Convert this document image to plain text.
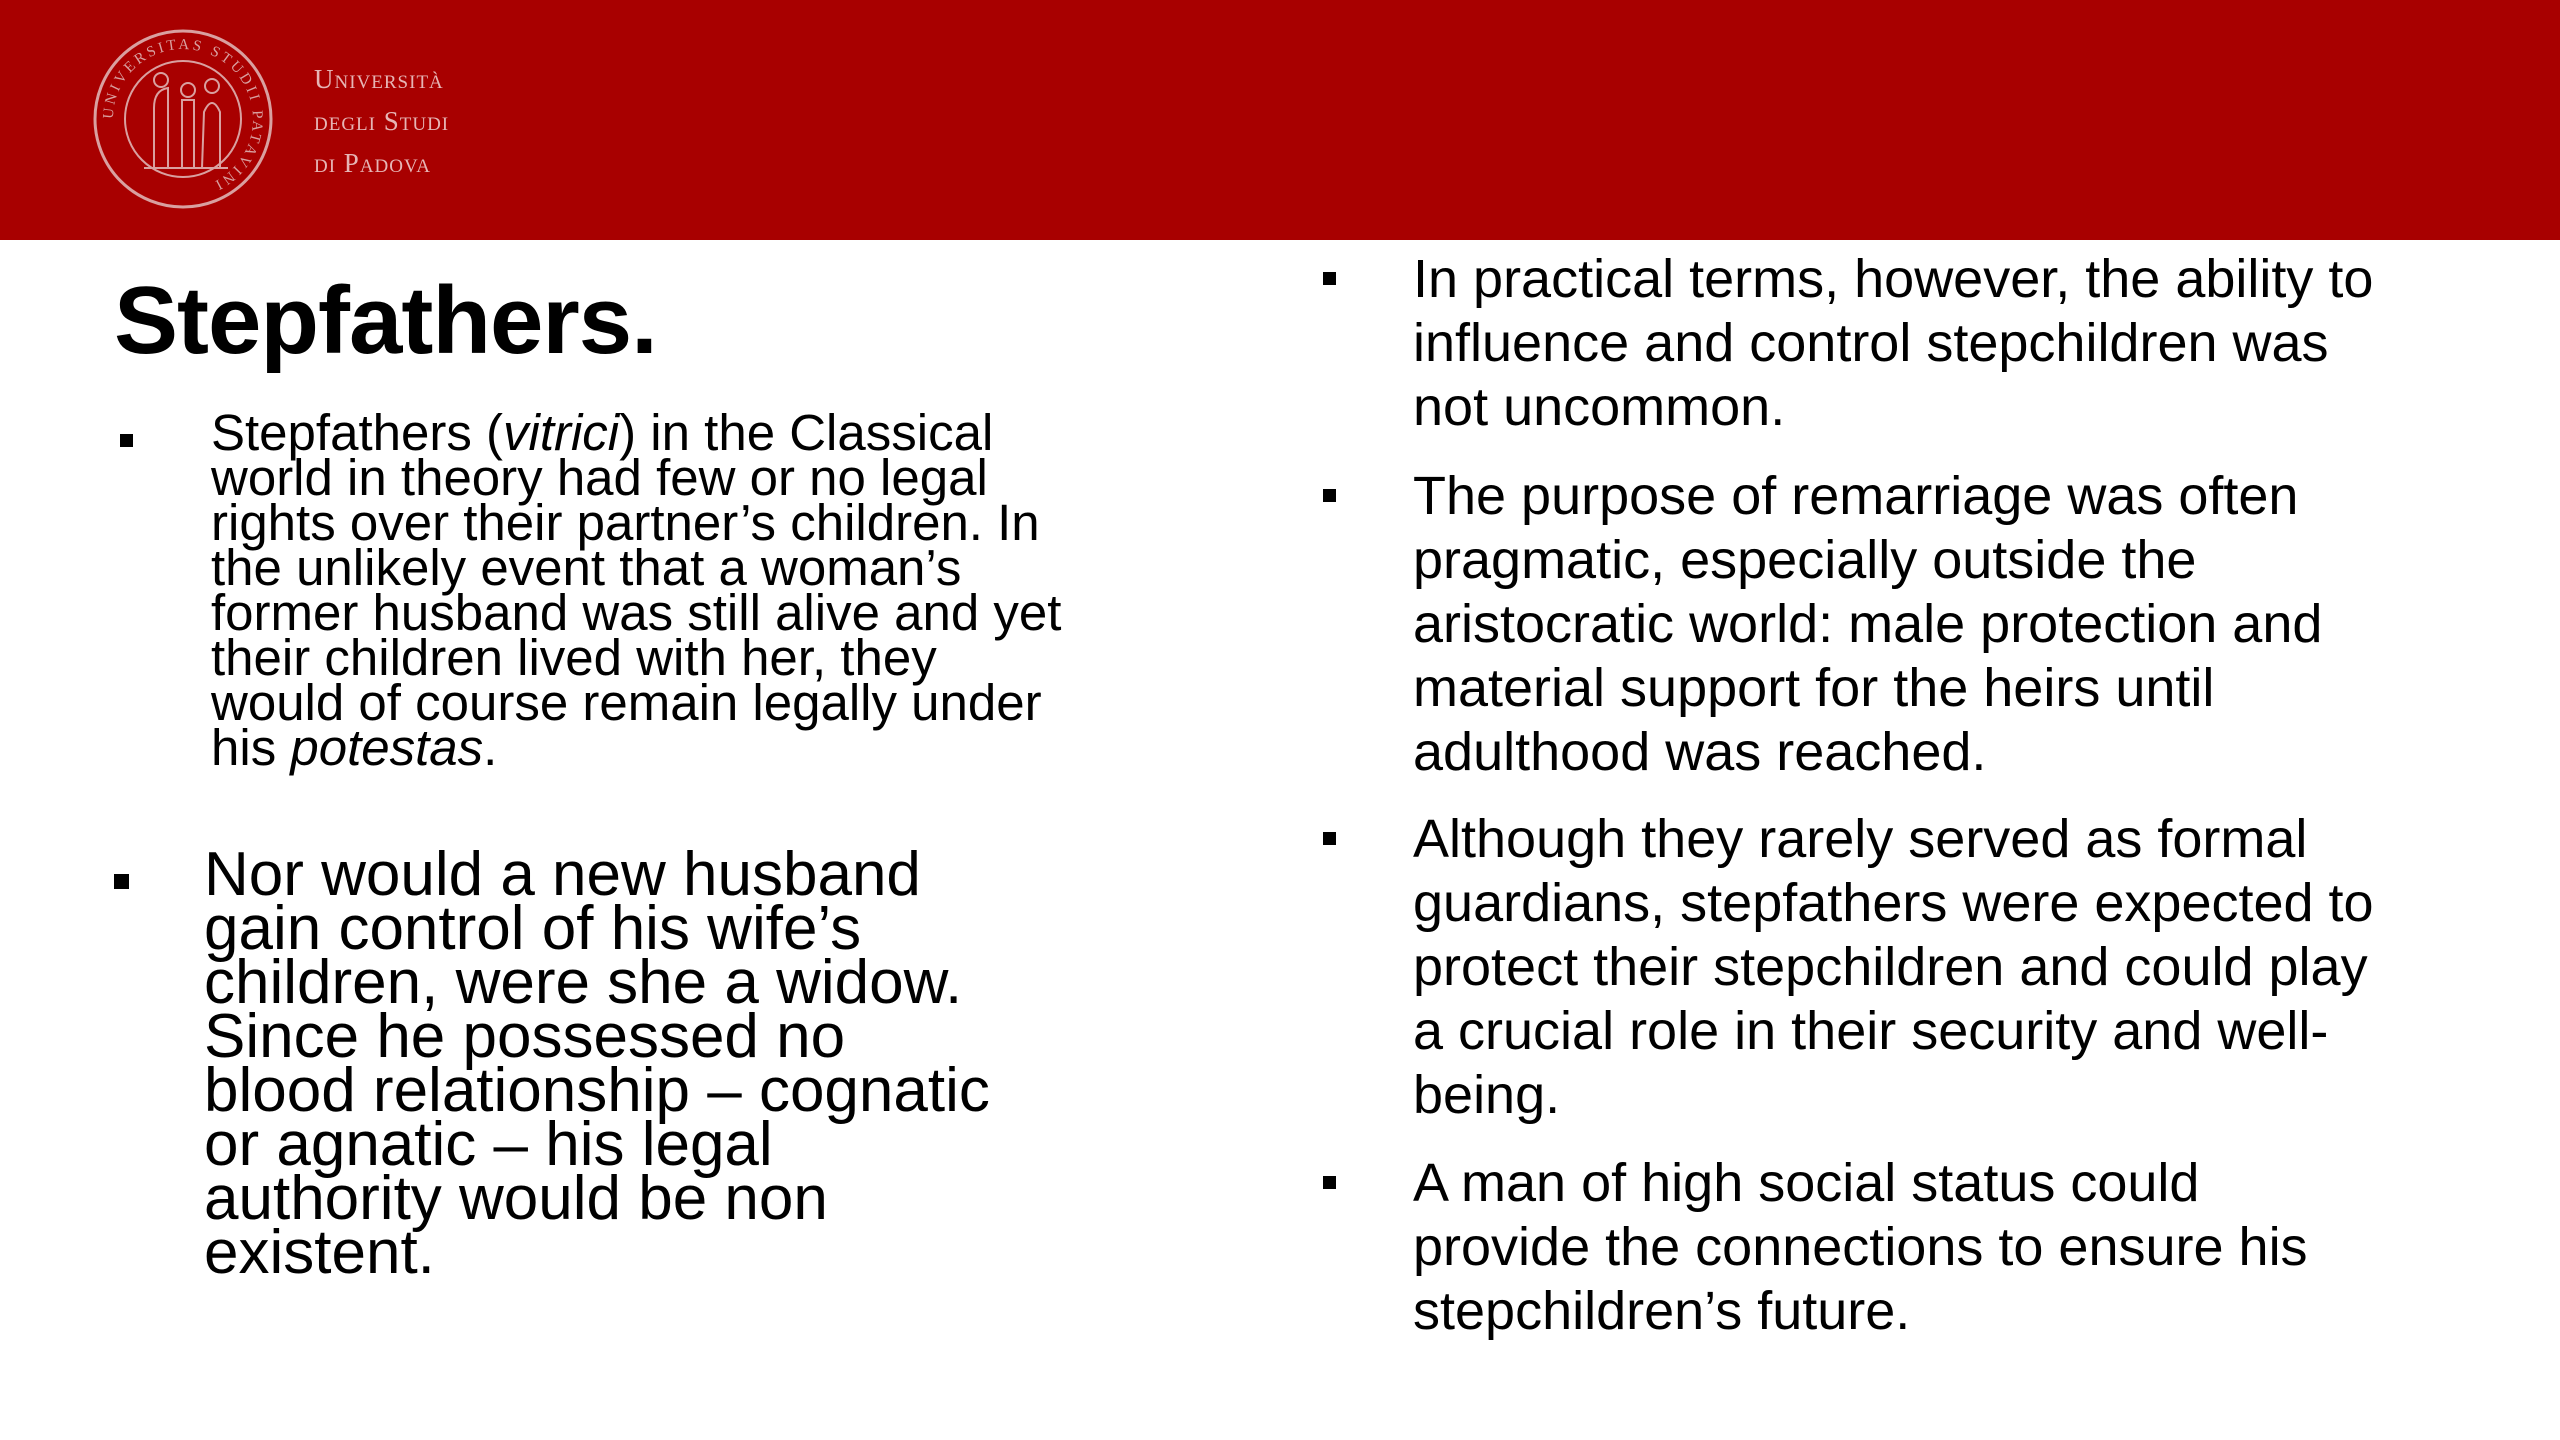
UNIVERSITAS STUDII PATAVINI
Università
degli Studi
di Padova
Stepfathers.
Stepfathers (vitrici) in the Classical
world in theory had few or no legal
rights over their partner’s children. In
the unlikely event that a woman’s
former husband was still alive and yet
their children lived with her, they
would of course remain legally under
his potestas.
Nor would a new husband
gain control of his wife’s
children, were she a widow.
Since he possessed no
blood relationship – cognatic
or agnatic – his legal
authority would be non
existent.
In practical terms, however, the ability to
influence and control stepchildren was
not uncommon.
The purpose of remarriage was often
pragmatic, especially outside the
aristocratic world: male protection and
material support for the heirs until
adulthood was reached.
Although they rarely served as formal
guardians, stepfathers were expected to
protect their stepchildren and could play
a crucial role in their security and well-
being.
A man of high social status could
provide the connections to ensure his
stepchildren’s future.
